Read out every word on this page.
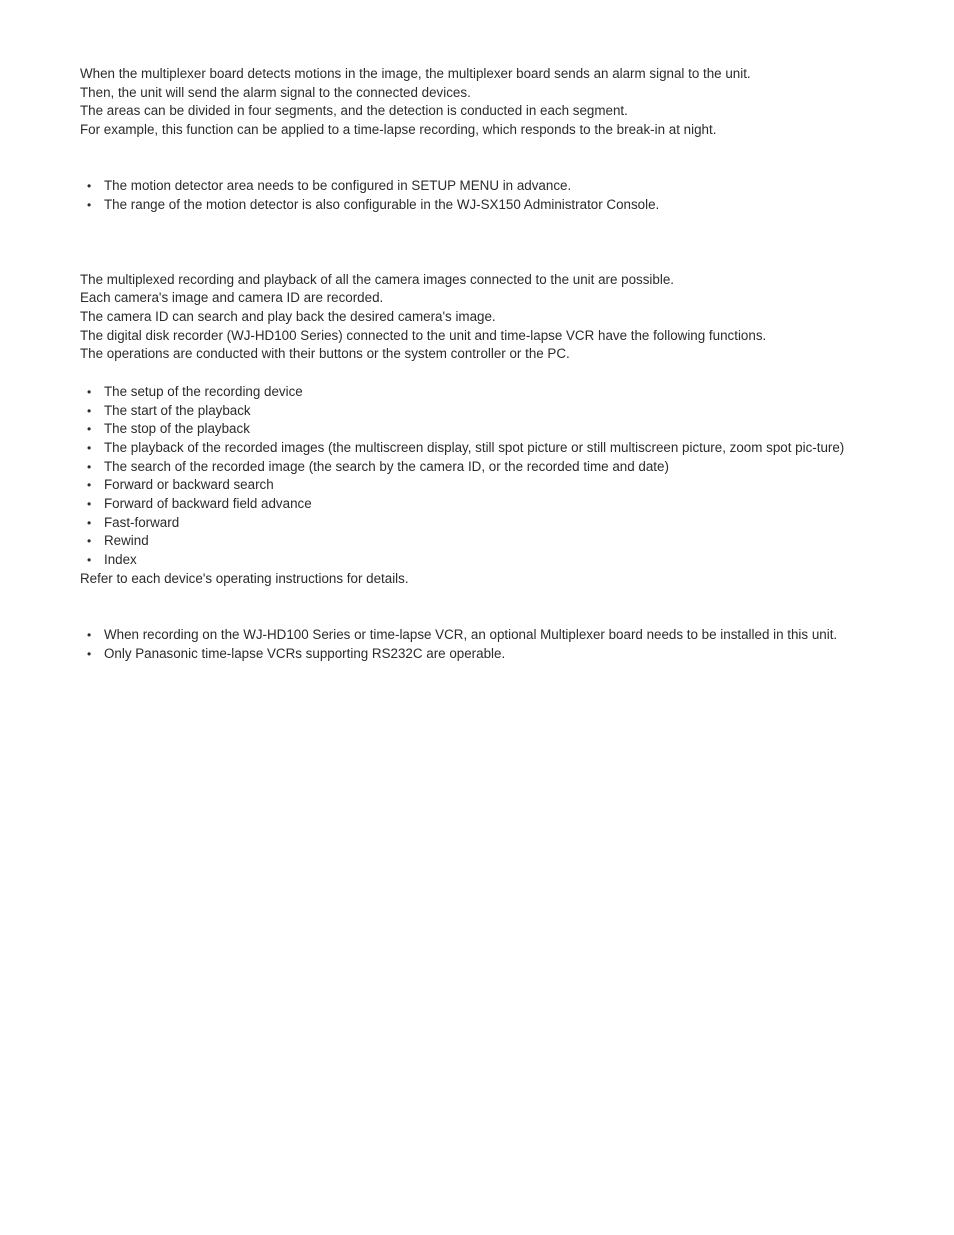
When the multiplexer board detects motions in the image, the multiplexer board sends an alarm signal to the unit.
Then, the unit will send the alarm signal to the connected devices.
The areas can be divided in four segments, and the detection is conducted in each segment.
For example, this function can be applied to a time-lapse recording, which responds to the break-in at night.
• The motion detector area needs to be configured in SETUP MENU in advance.
• The range of the motion detector is also configurable in the WJ-SX150 Administrator Console.
The multiplexed recording and playback of all the camera images connected to the unit are possible.
Each camera's image and camera ID are recorded.
The camera ID can search and play back the desired camera's image.
The digital disk recorder (WJ-HD100 Series) connected to the unit and time-lapse VCR have the following functions.
The operations are conducted with their buttons or the system controller or the PC.
• The setup of the recording device
• The start of the playback
• The stop of the playback
• The playback of the recorded images (the multiscreen display, still spot picture or still multiscreen picture, zoom spot pic-ture)
• The search of the recorded image (the search by the camera ID, or the recorded time and date)
• Forward or backward search
• Forward of backward field advance
• Fast-forward
• Rewind
• Index
Refer to each device's operating instructions for details.
• When recording on the WJ-HD100 Series or time-lapse VCR, an optional Multiplexer board needs to be installed in this unit.
• Only Panasonic time-lapse VCRs supporting RS232C are operable.
